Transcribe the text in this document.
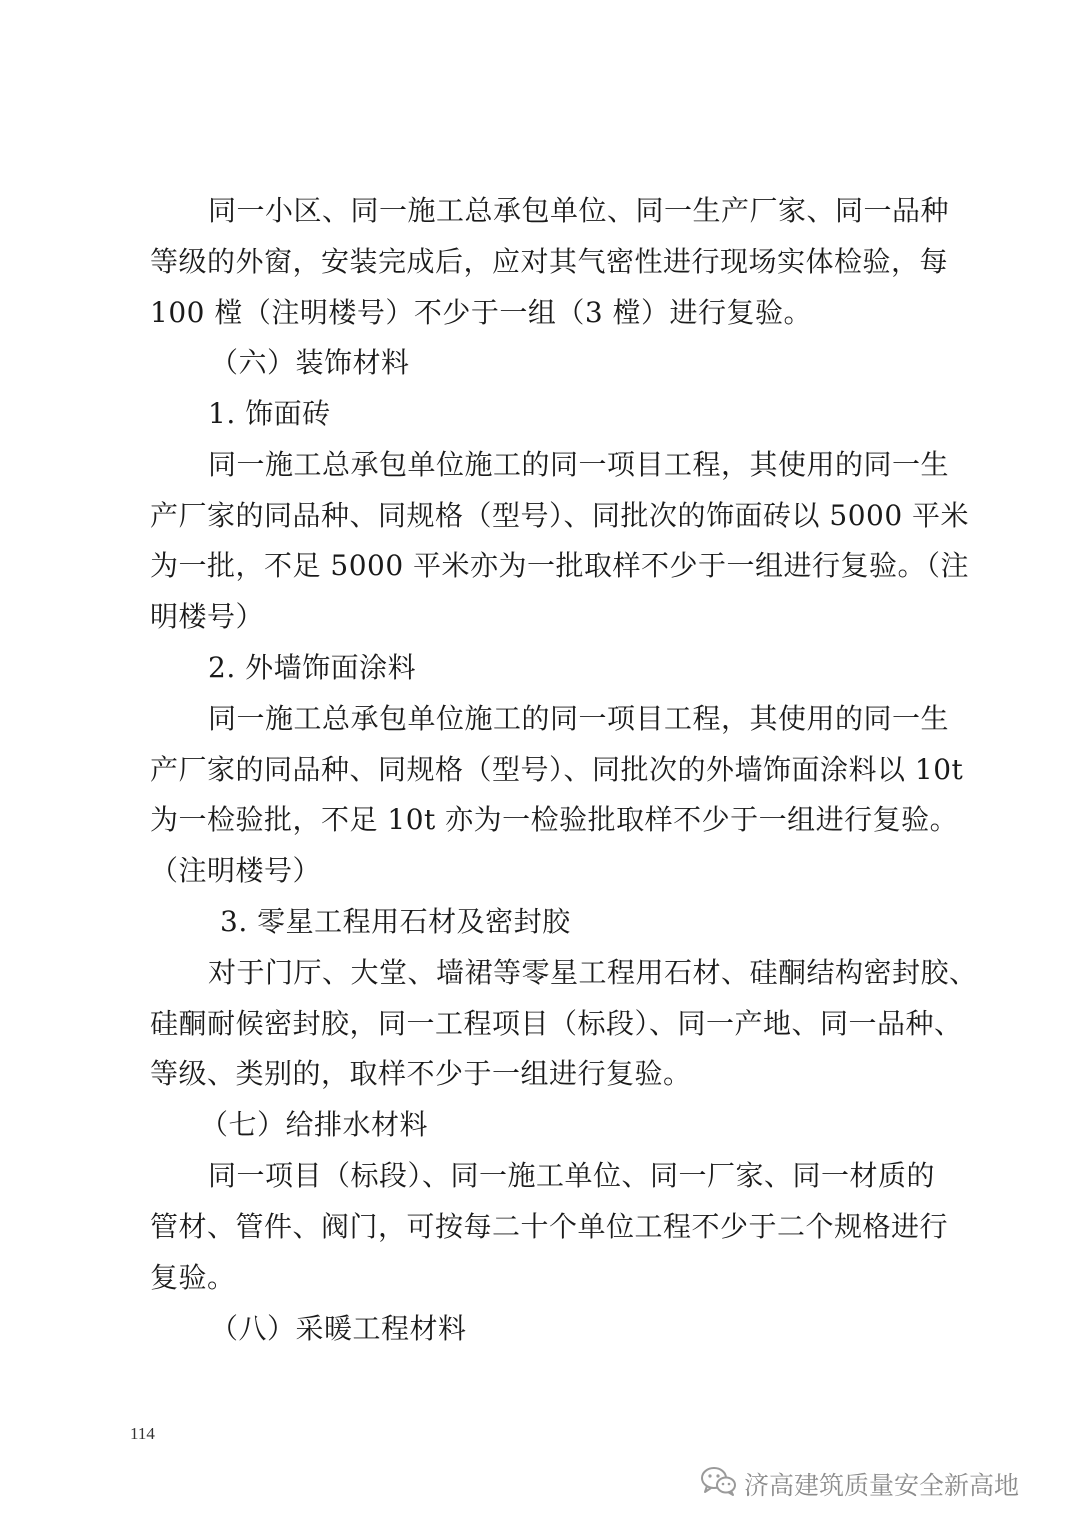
同一小区、同一施工总承包单位、同一生产厂家、同一品种
等级的外窗，安装完成后，应对其气密性进行现场实体检验，每
100 樘（注明楼号）不少于一组（3 樘）进行复验。
（六）装饰材料
1. 饰面砖
同一施工总承包单位施工的同一项目工程，其使用的同一生
产厂家的同品种、同规格（型号）、同批次的饰面砖以 5000 平米
为一批，不足 5000 平米亦为一批取样不少于一组进行复验。（注
明楼号）
2. 外墙饰面涂料
同一施工总承包单位施工的同一项目工程，其使用的同一生
产厂家的同品种、同规格（型号）、同批次的外墙饰面涂料以 10t
为一检验批，不足 10t 亦为一检验批取样不少于一组进行复验。
（注明楼号）
3. 零星工程用石材及密封胶
对于门厅、大堂、墙裙等零星工程用石材、硅酮结构密封胶、
硅酮耐候密封胶，同一工程项目（标段）、同一产地、同一品种、
等级、类别的，取样不少于一组进行复验。
（七）给排水材料
同一项目（标段）、同一施工单位、同一厂家、同一材质的
管材、管件、阀门，可按每二十个单位工程不少于二个规格进行
复验。
（八）采暖工程材料
114
济高建筑质量安全新高地
